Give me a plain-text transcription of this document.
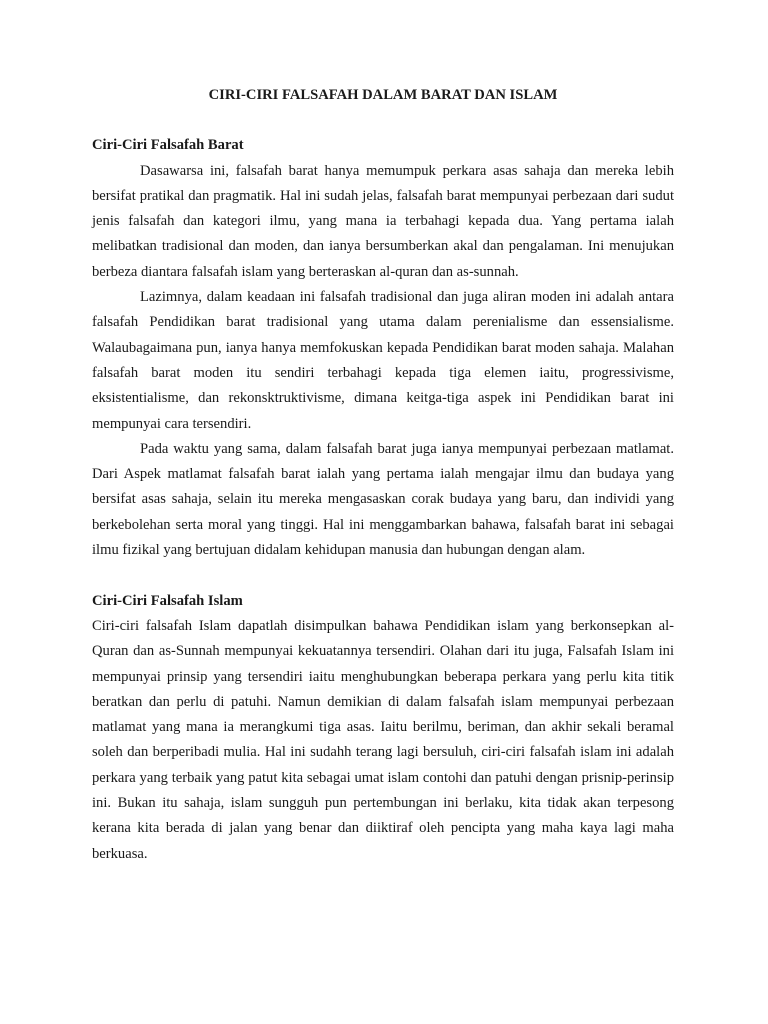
CIRI-CIRI FALSAFAH DALAM BARAT DAN ISLAM
Ciri-Ciri Falsafah Barat

Dasawarsa ini, falsafah barat hanya memumpuk perkara asas sahaja dan mereka lebih bersifat pratikal dan pragmatik. Hal ini sudah jelas, falsafah barat mempunyai perbezaan dari sudut jenis falsafah dan kategori ilmu, yang mana ia terbahagi kepada dua. Yang pertama ialah melibatkan tradisional dan moden, dan ianya bersumberkan akal dan pengalaman. Ini menujukan berbeza diantara falsafah islam yang berteraskan al-quran dan as-sunnah.

Lazimnya, dalam keadaan ini falsafah tradisional dan juga aliran moden ini adalah antara falsafah Pendidikan barat tradisional yang utama dalam perenialisme dan essensialisme. Walaubagaimana pun, ianya hanya memfokuskan kepada Pendidikan barat moden sahaja. Malahan falsafah barat moden itu sendiri terbahagi kepada tiga elemen iaitu, progressivisme, eksistentialisme, dan rekonsktruktivisme, dimana keitga-tiga aspek ini Pendidikan barat ini mempunyai cara tersendiri.

Pada waktu yang sama, dalam falsafah barat juga ianya mempunyai perbezaan matlamat. Dari Aspek matlamat falsafah barat ialah yang pertama ialah mengajar ilmu dan budaya yang bersifat asas sahaja, selain itu mereka mengasaskan corak budaya yang baru, dan individi yang berkebolehan serta moral yang tinggi. Hal ini menggambarkan bahawa, falsafah barat ini sebagai ilmu fizikal yang bertujuan didalam kehidupan manusia dan hubungan dengan alam.

Ciri-Ciri Falsafah Islam

Ciri-ciri falsafah Islam dapatlah disimpulkan bahawa Pendidikan islam yang berkonsepkan al-Quran dan as-Sunnah mempunyai kekuatannya tersendiri. Olahan dari itu juga, Falsafah Islam ini mempunyai prinsip yang tersendiri iaitu menghubungkan beberapa perkara yang perlu kita titik beratkan dan perlu di patuhi. Namun demikian di dalam falsafah islam mempunyai perbezaan matlamat yang mana ia merangkumi tiga asas. Iaitu berilmu, beriman, dan akhir sekali beramal soleh dan berperibadi mulia. Hal ini sudahh terang lagi bersuluh, ciri-ciri falsafah islam ini adalah perkara yang terbaik yang patut kita sebagai umat islam contohi dan patuhi dengan prisnip-perinsip ini. Bukan itu sahaja, islam sungguh pun pertembungan ini berlaku, kita tidak akan terpesong kerana kita berada di jalan yang benar dan diiktiraf oleh pencipta yang maha kaya lagi maha berkuasa.
